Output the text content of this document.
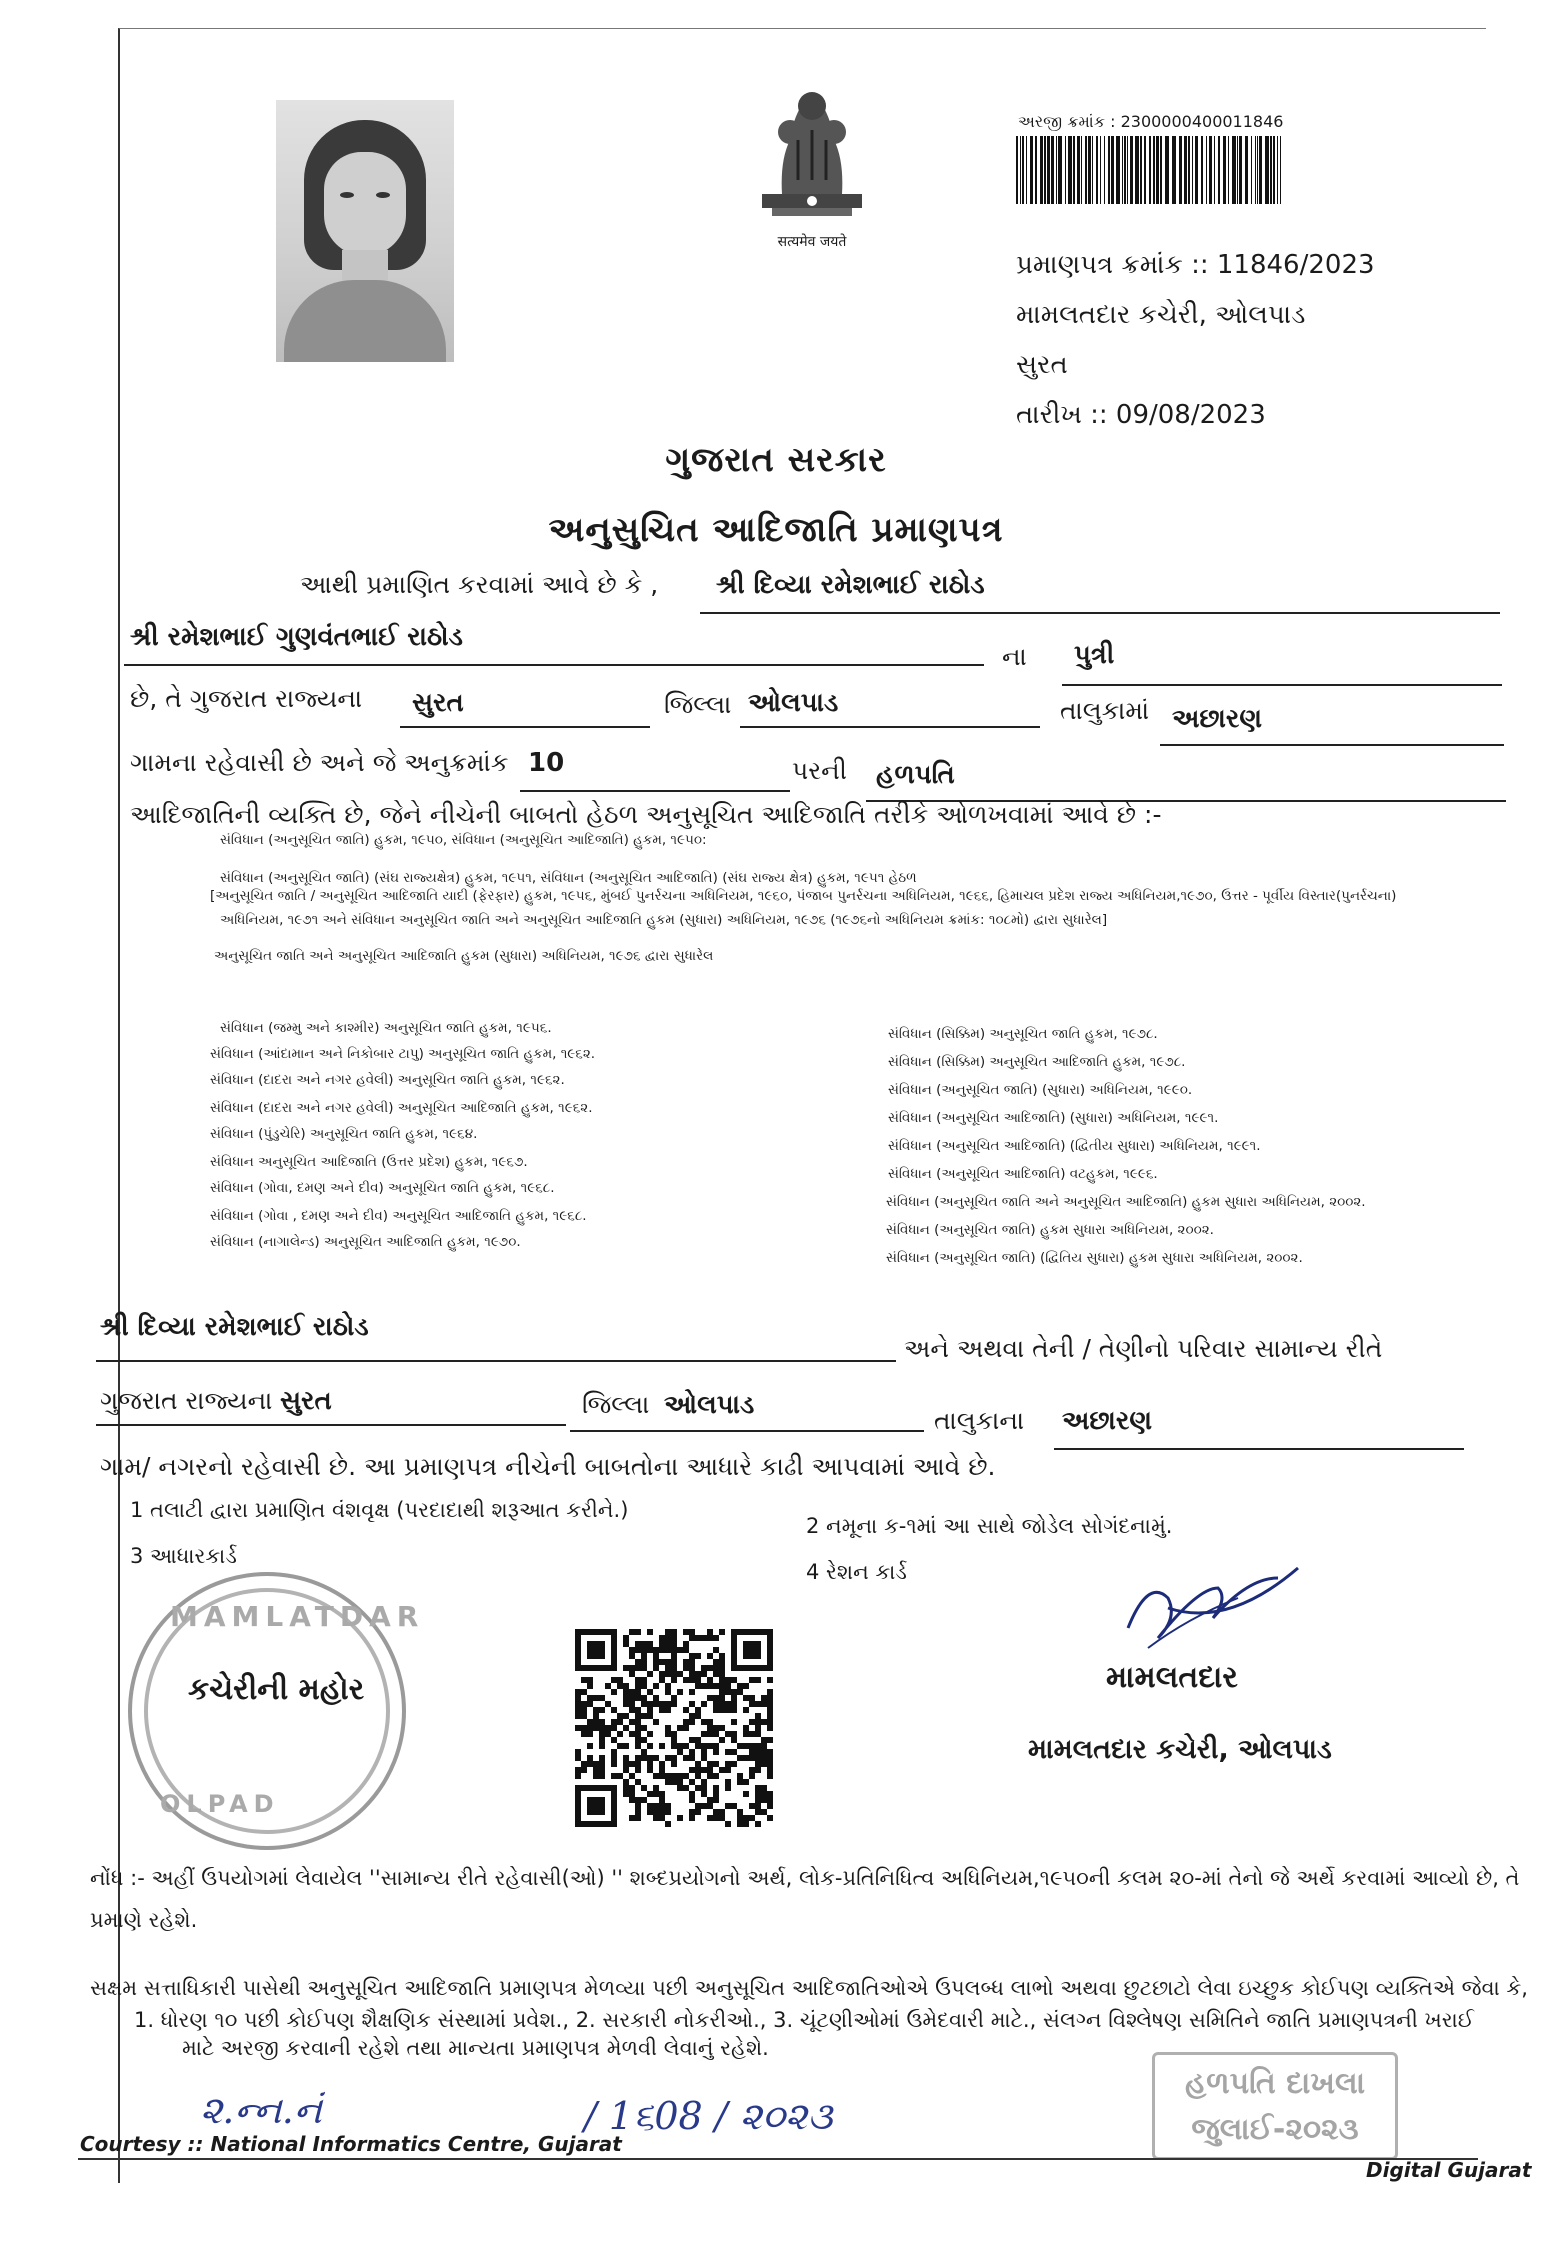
सत्यमेव जयते
અરજી ક્રમાંક : 2300000400011846
પ્રમાણપત્ર ક્રમાંક :: 11846/2023
મામલતદાર કચેરી, ઓલપાડ
સુરત
તારીખ :: 09/08/2023
ગુજરાત સરકાર
અનુસુચિત આદિજાતિ પ્રમાણપત્ર
આથી પ્રમાણિત કરવામાં આવે છે કે , શ્રી દિવ્યા રમેશભાઈ રાઠોડ
શ્રી રમેશભાઈ ગુણવંતભાઈ રાઠોડ
ના પુત્રી
છે, તે ગુજરાત રાજ્યના સુરત	જિલ્લા ઓલપાડ	તાલુકામાં અછારણ
ગામના રહેવાસી છે અને જે અનુક્રમાંક 10	પરની હળપતિ
આદિજાતિની વ્યક્તિ છે, જેને નીચેની બાબતો હેઠળ અનુસૂચિત આદિજાતિ તરીકે ઓળખવામાં આવે છે :-
સંવિધાન (અનુસૂચિત જાતિ) હુકમ, ૧૯૫૦, સંવિધાન (અનુસૂચિત આદિજાતિ) હુકમ, ૧૯૫૦:
સંવિધાન (અનુસૂચિત જાતિ) (સંઘ રાજ્યક્ષેત્ર) હુકમ, ૧૯૫૧, સંવિધાન (અનુસૂચિત આદિજાતિ) (સંઘ રાજ્ય ક્ષેત્ર) હુકમ, ૧૯૫૧ હેઠળ
[અનુસૂચિત જાતિ / અનુસૂચિત આદિજાતિ યાદી (ફેરફાર) હુકમ, ૧૯૫૬, મુંબઈ પુનર્રચના અધિનિયમ, ૧૯૬૦, પંજાબ પુનર્રચના અધિનિયમ, ૧૯૬૬, હિમાચલ પ્રદેશ રાજ્ય અધિનિયમ,૧૯૭૦, ઉત્તર - પૂર્વીય વિસ્તાર(પુનર્રચના)
અધિનિયમ, ૧૯૭૧ અને સંવિધાન અનુસૂચિત જાતિ અને અનુસૂચિત આદિજાતિ હુકમ (સુધારા) અધિનિયમ, ૧૯૭૬ (૧૯૭૬નો અધિનિયમ ક્રમાંક: ૧૦૮મો) દ્વારા સુધારેલ]
અનુસૂચિત જાતિ અને અનુસૂચિત આદિજાતિ હુકમ (સુધારા) અધિનિયમ, ૧૯૭૬ દ્વારા સુધારેલ
સંવિધાન (જમ્મુ અને કાશ્મીર) અનુસૂચિત જાતિ હુકમ, ૧૯૫૬.
સંવિધાન (આંદામાન અને નિકોબાર ટાપુ) અનુસૂચિત જાતિ હુકમ, ૧૯૬૨.
સંવિધાન (દાદરા અને નગર હવેલી) અનુસૂચિત જાતિ હુકમ, ૧૯૬૨.
સંવિધાન (દાદરા અને નગર હવેલી) અનુસૂચિત આદિજાતિ હુકમ, ૧૯૬૨.
સંવિધાન (પુંડુચેરિ) અનુસૂચિત જાતિ હુકમ, ૧૯૬૪.
સંવિધાન અનુસૂચિત આદિજાતિ (ઉત્તર પ્રદેશ) હુકમ, ૧૯૬૭.
સંવિધાન (ગોવા, દમણ અને દીવ) અનુસૂચિત જાતિ હુકમ, ૧૯૬૮.
સંવિધાન (ગોવા , દમણ અને દીવ) અનુસૂચિત આદિજાતિ હુકમ, ૧૯૬૮.
સંવિધાન (નાગાલેન્ડ) અનુસૂચિત આદિજાતિ હુકમ, ૧૯૭૦.
સંવિધાન (સિક્કિમ) અનુસૂચિત જાતિ હુકમ, ૧૯૭૮.
સંવિધાન (સિક્કિમ) અનુસૂચિત આદિજાતિ હુકમ, ૧૯૭૮.
સંવિધાન (અનુસૂચિત જાતિ) (સુધારા) અધિનિયમ, ૧૯૯૦.
સંવિધાન (અનુસૂચિત આદિજાતિ) (સુધારા) અધિનિયમ, ૧૯૯૧.
સંવિધાન (અનુસૂચિત આદિજાતિ) (દ્વિતીય સુધારા) અધિનિયમ, ૧૯૯૧.
સંવિધાન (અનુસૂચિત આદિજાતિ) વટહુકમ, ૧૯૯૬.
સંવિધાન (અનુસૂચિત જાતિ અને અનુસૂચિત આદિજાતિ) હુકમ સુધારા અધિનિયમ, ૨૦૦૨.
સંવિધાન (અનુસૂચિત જાતિ) હુકમ સુધારા અધિનિયમ, ૨૦૦૨.
સંવિધાન (અનુસૂચિત જાતિ) (દ્વિતિય સુધારા) હુકમ સુધારા અધિનિયમ, ૨૦૦૨.
શ્રી દિવ્યા રમેશભાઈ રાઠોડ
અને અથવા તેની / તેણીનો પરિવાર સામાન્ય રીતે
ગુજરાત રાજ્યના સુરત	જિલ્લા ઓલપાડ
તાલુકાના અછારણ
ગામ/ નગરનો રહેવાસી છે. આ પ્રમાણપત્ર નીચેની બાબતોના આધારે કાઢી આપવામાં આવે છે.
1 તલાટી દ્વારા પ્રમાણિત વંશવૃક્ષ (પરદાદાથી શરૂઆત કરીને.)
2 નમૂના ક-૧માં આ સાથે જોડેલ સોગંદનામું.
3 આધારકાર્ડ
4 રેશન કાર્ડ
MAMLATDAR
OLPAD
કચેરીની મહોર	મામલતદાર
મામલતદાર કચેરી, ઓલપાડ
નોંધ :- અહીં ઉપયોગમાં લેવાયેલ ''સામાન્ય રીતે રહેવાસી(ઓ) '' શબ્દપ્રયોગનો અર્થ, લોક-પ્રતિનિધિત્વ અધિનિયમ,૧૯૫૦ની કલમ ૨૦-માં તેનો જે અર્થે કરવામાં આવ્યો છે, તે
પ્રમાણે રહેશે.
સક્ષમ સત્તાધિકારી પાસેથી અનુસૂચિત આદિજાતિ પ્રમાણપત્ર મેળવ્યા પછી અનુસૂચિત આદિજાતિઓએ ઉપલબ્ધ લાભો અથવા છુટછાટો લેવા ઇચ્છુક કોઈપણ વ્યક્તિએ જેવા કે,
1. ધોરણ ૧૦ પછી કોઈપણ શૈક્ષણિક સંસ્થામાં પ્રવેશ., 2. સરકારી નોકરીઓ., 3. ચૂંટણીઓમાં ઉમેદવારી માટે., સંલગ્ન વિશ્લેષણ સમિતિને જાતિ પ્રમાણપત્રની ખરાઈ
માટે અરજી કરવાની રહેશે તથા માન્યતા પ્રમાણપત્ર મેળવી લેવાનું રહેશે.
૨.ન્ન.નં	/ 1૬08 / ૨૦૨૩
હળપતિ દાખલા
જુલાઈ-૨૦૨૩
Courtesy :: National Informatics Centre, Gujarat
Digital Gujarat
